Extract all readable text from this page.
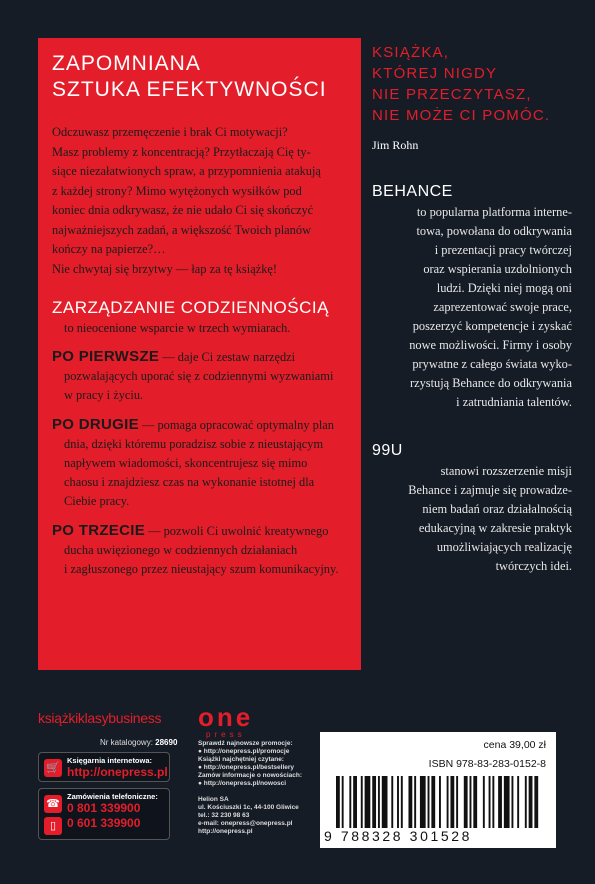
ZAPOMNIANA
SZTUKA EFEKTYWNOŚCI

Odczuwasz przemęczenie i brak Ci motywacji?

Masz problemy z koncentracją? Przytłaczają Cię ty-

siące niezałatwionych spraw, a przypomnienia atakują

z każdej strony? Mimo wytężonych wysiłków pod

koniec dnia odkrywasz, że nie udało Ci się skończyć

najważniejszych zadań, a większość Twoich planów

kończy na papierze?…

Nie chwytaj się brzytwy — łap za tę książkę!

ZARZĄDZANIE CODZIENNOŚCIĄ
to nieocenione wsparcie w trzech wymiarach.
PO PIERWSZE — daje Ci zestaw narzędzi
pozwalających uporać się z codziennymi wyzwaniami
w pracy i życiu.
PO DRUGIE — pomaga opracować optymalny plan
dnia, dzięki któremu poradzisz sobie z nieustającym
napływem wiadomości, skoncentrujesz się mimo
chaosu i znajdziesz czas na wykonanie istotnej dla
Ciebie pracy.
PO TRZECIE — pozwoli Ci uwolnić kreatywnego
ducha uwięzionego w codziennych działaniach
i zagłuszonego przez nieustający szum komunikacyjny.
KSIĄŻKA,
KTÓREJ NIGDY
NIE PRZECZYTASZ,
NIE MOŻE CI POMÓC.
Jim Rohn
BEHANCE
to popularna platforma interne-
towa, powołana do odkrywania
i prezentacji pracy twórczej
oraz wspierania uzdolnionych
ludzi. Dzięki niej mogą oni
zaprezentować swoje prace,
poszerzyć kompetencje i zyskać
nowe możliwości. Firmy i osoby
prywatne z całego świata wyko-
rzystują Behance do odkrywania
i zatrudniania talentów.
99U
stanowi rozszerzenie misji
Behance i zajmuje się prowadze-
niem badań oraz działalnością
edukacyjną w zakresie praktyk
umożliwiających realizację
twórczych idei.
książkiklasybusiness
Nr katalogowy: 28690
🛒
Księgarnia internetowa:
http://onepress.pl
☎
▯
Zamówienia telefoniczne:
0 801 339900
0 601 339900
one
press
Sprawdź najnowsze promocje:
● http://onepress.pl/promocje
Książki najchętniej czytane:
● http://onepress.pl/bestsellery
Zamów informacje o nowościach:
● http://onepress.pl/nowosci
Helion SA
ul. Kościuszki 1c, 44-100 Gliwice
tel.: 32 230 98 63
e-mail: onepress@onepress.pl
http://onepress.pl
cena 39,00 zł
ISBN 978-83-283-0152-8
9 788328 301528
